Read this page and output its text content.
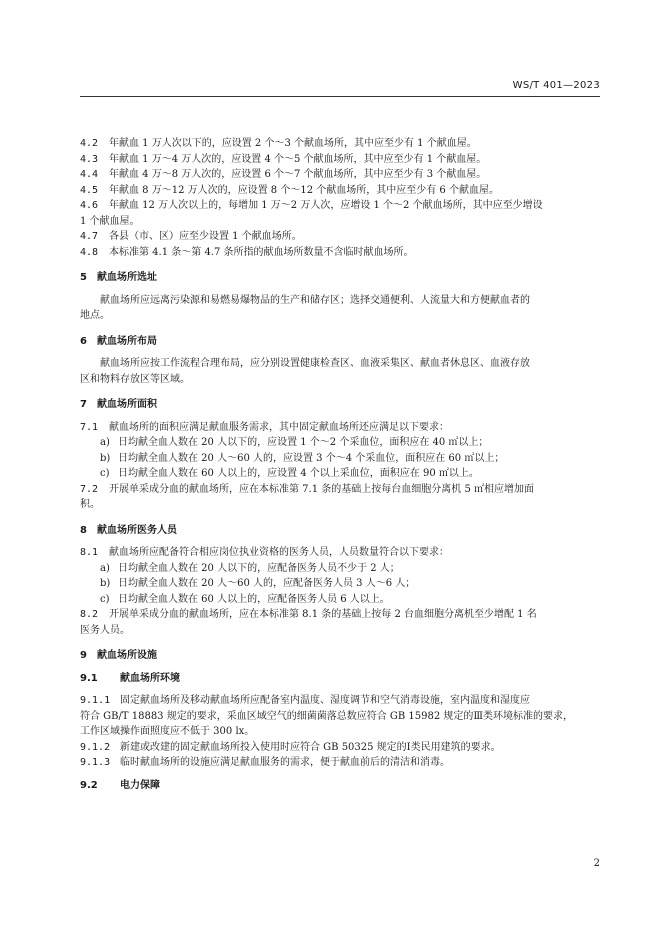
WS/T 401—2023
4.2 年献血 1 万人次以下的，应设置 2 个～3 个献血场所，其中应至少有 1 个献血屋。
4.3 年献血 1 万～4 万人次的，应设置 4 个～5 个献血场所，其中应至少有 1 个献血屋。
4.4 年献血 4 万～8 万人次的，应设置 6 个～7 个献血场所，其中应至少有 3 个献血屋。
4.5 年献血 8 万～12 万人次的，应设置 8 个～12 个献血场所，其中应至少有 6 个献血屋。
4.6 年献血 12 万人次以上的，每增加 1 万～2 万人次，应增设 1 个～2 个献血场所，其中应至少增设
1 个献血屋。
4.7 各县（市、区）应至少设置 1 个献血场所。
4.8 本标准第 4.1 条～第 4.7 条所指的献血场所数量不含临时献血场所。
5 献血场所选址
献血场所应远离污染源和易燃易爆物品的生产和储存区；选择交通便利、人流量大和方便献血者的
地点。
6 献血场所布局
献血场所应按工作流程合理布局，应分别设置健康检查区、血液采集区、献血者休息区、血液存放
区和物料存放区等区域。
7 献血场所面积
7.1 献血场所的面积应满足献血服务需求，其中固定献血场所还应满足以下要求：
a) 日均献全血人数在 20 人以下的，应设置 1 个～2 个采血位，面积应在 40 ㎡以上；
b) 日均献全血人数在 20 人～60 人的，应设置 3 个～4 个采血位，面积应在 60 ㎡以上；
c) 日均献全血人数在 60 人以上的，应设置 4 个以上采血位，面积应在 90 ㎡以上。
7.2 开展单采成分血的献血场所，应在本标准第 7.1 条的基础上按每台血细胞分离机 5 ㎡相应增加面
积。
8 献血场所医务人员
8.1 献血场所应配备符合相应岗位执业资格的医务人员，人员数量符合以下要求：
a) 日均献全血人数在 20 人以下的，应配备医务人员不少于 2 人；
b) 日均献全血人数在 20 人～60 人的，应配备医务人员 3 人～6 人；
c) 日均献全血人数在 60 人以上的，应配备医务人员 6 人以上。
8.2 开展单采成分血的献血场所，应在本标准第 8.1 条的基础上按每 2 台血细胞分离机至少增配 1 名
医务人员。
9 献血场所设施
9.1 献血场所环境
9.1.1 固定献血场所及移动献血场所应配备室内温度、湿度调节和空气消毒设施，室内温度和湿度应
符合 GB/T 18883 规定的要求，采血区域空气的细菌菌落总数应符合 GB 15982 规定的Ⅲ类环境标准的要求，
工作区域操作面照度应不低于 300 lx。
9.1.2 新建或改建的固定献血场所投入使用时应符合 GB 50325 规定的Ⅰ类民用建筑的要求。
9.1.3 临时献血场所的设施应满足献血服务的需求，便于献血前后的清洁和消毒。
9.2 电力保障
2
